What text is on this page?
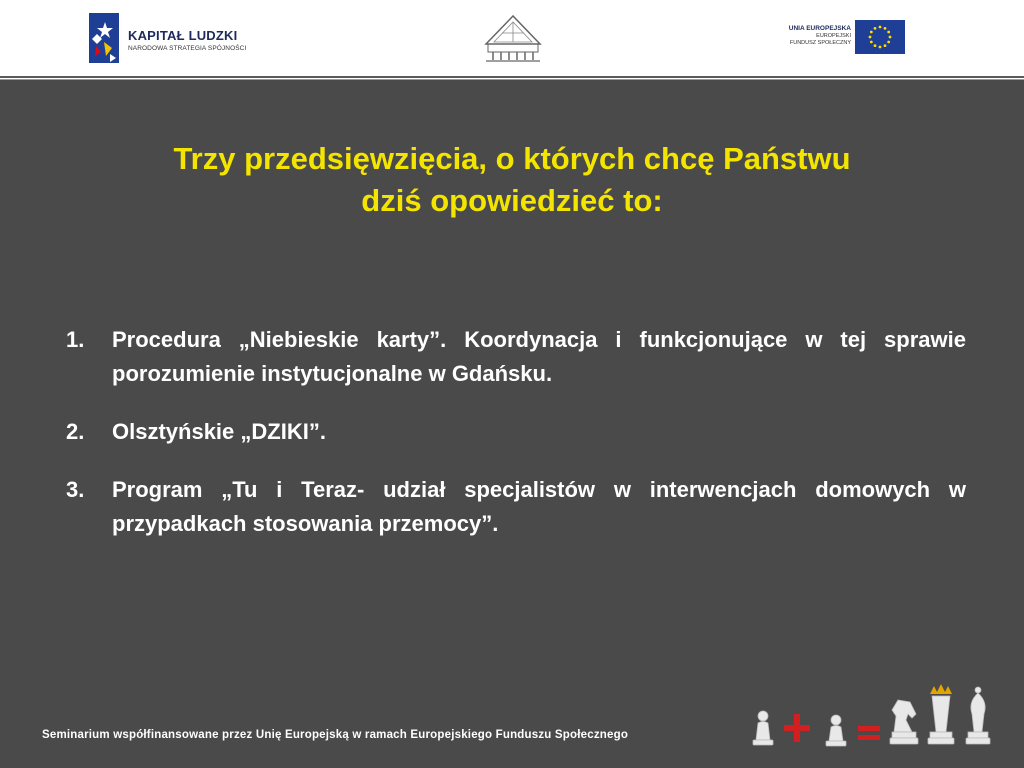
KAPITAŁ LUDZKI
NARODOWA STRATEGIA SPÓJNOŚCI
UNIA EUROPEJSKA
EUROPEJSKI
FUNDUSZ SPOŁECZNY
Trzy przedsięwzięcia, o których chcę Państwu
dziś opowiedzieć to:
1. Procedura „Niebieskie karty”. Koordynacja i funkcjonujące w tej sprawie porozumienie instytucjonalne w Gdańsku.
2. Olsztyńskie „DZIKI”.
3. Program „Tu i Teraz- udział specjalistów w interwencjach domowych w przypadkach stosowania przemocy”.
Seminarium współfinansowane przez Unię Europejską w ramach Europejskiego Funduszu Społecznego
